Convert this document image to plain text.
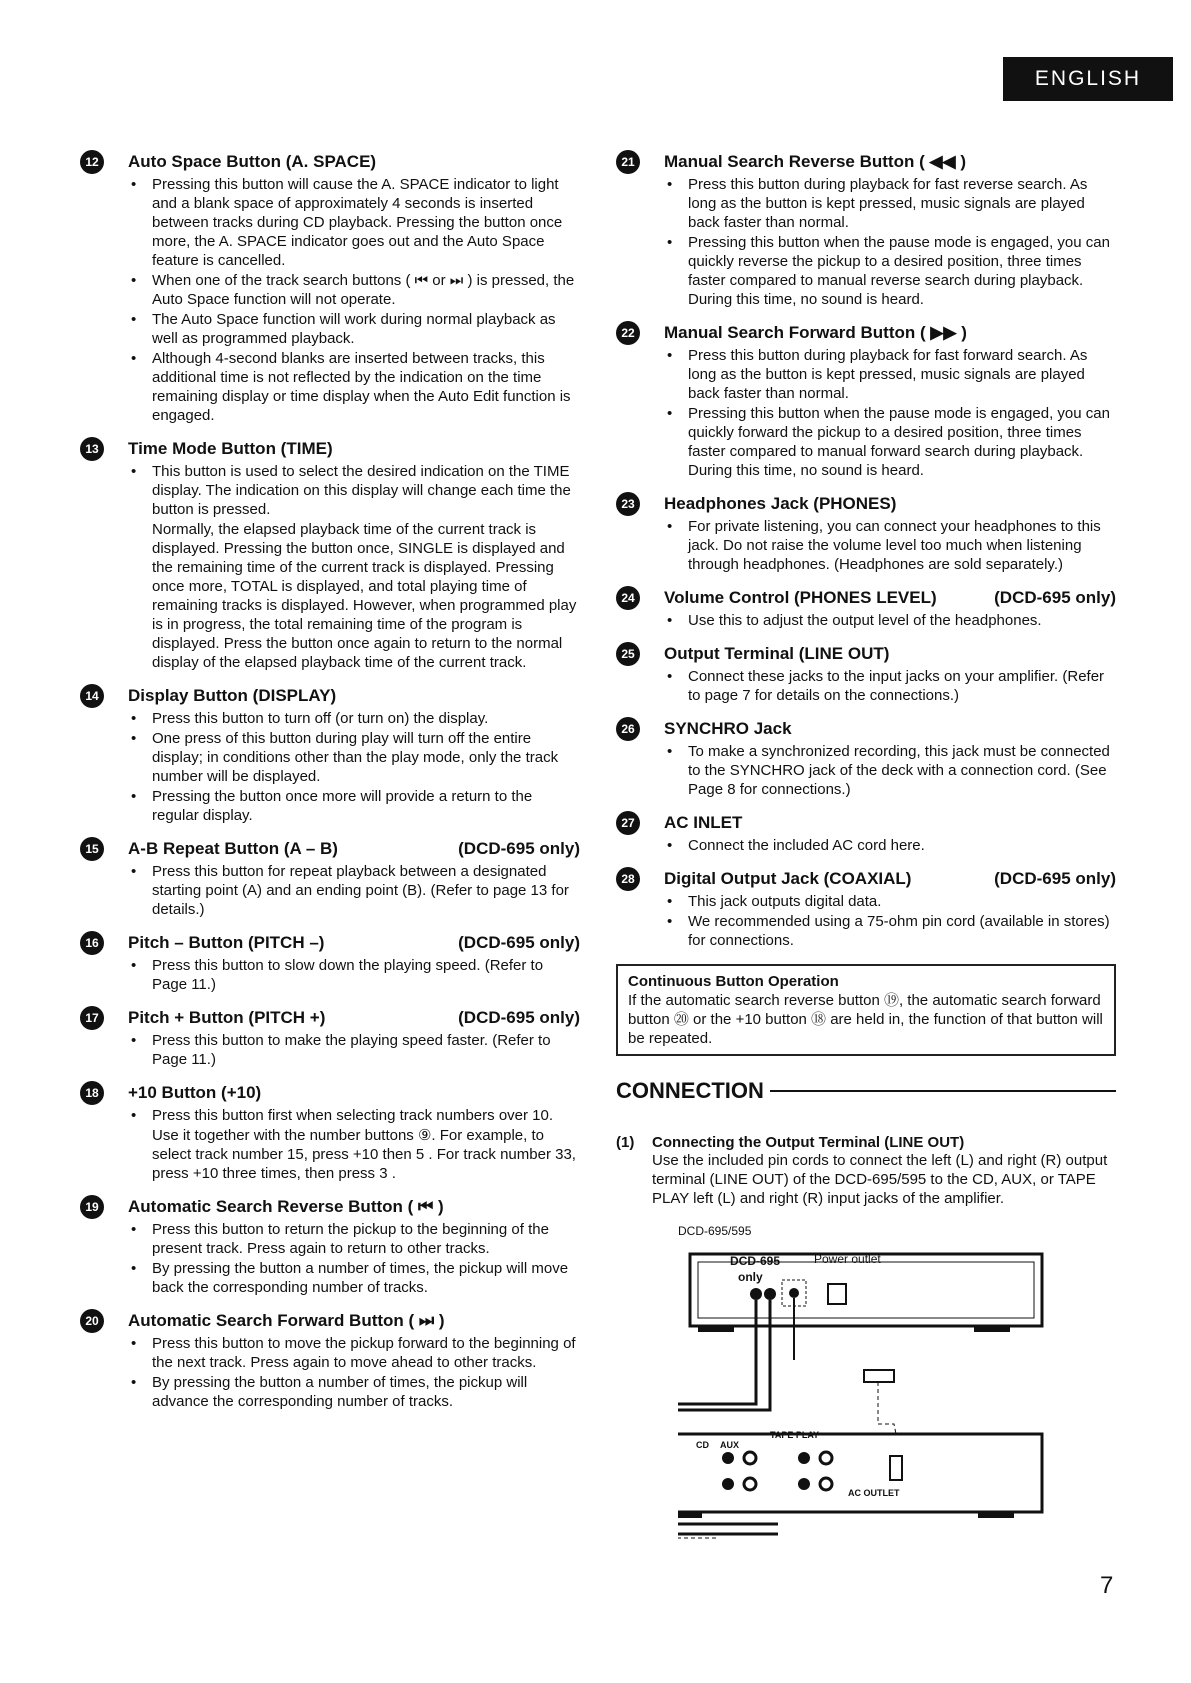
ENGLISH
12	Auto Space Button (A. SPACE)
• Pressing this button will cause the A. SPACE indicator to light and a blank space of approximately 4 seconds is inserted between tracks during CD playback. Pressing the button once more, the A. SPACE indicator goes out and the Auto Space feature is cancelled.
• When one of the track search buttons ( ⏮ or ⏭ ) is pressed, the Auto Space function will not operate.
• The Auto Space function will work during normal playback as well as programmed playback.
• Although 4-second blanks are inserted between tracks, this additional time is not reflected by the indication on the time remaining display or time display when the Auto Edit function is engaged.
13	Time Mode Button (TIME)
• This button is used to select the desired indication on the TIME display. The indication on this display will change each time the button is pressed.
Normally, the elapsed playback time of the current track is displayed. Pressing the button once, SINGLE is displayed and the remaining time of the current track is displayed. Pressing once more, TOTAL is displayed, and total playing time of remaining tracks is displayed. However, when programmed play is in progress, the total remaining time of the program is displayed. Press the button once again to return to the normal display of the elapsed playback time of the current track.
14	Display Button (DISPLAY)
• Press this button to turn off (or turn on) the display.
• One press of this button during play will turn off the entire display; in conditions other than the play mode, only the track number will be displayed.
• Pressing the button once more will provide a return to the regular display.
15	A-B Repeat Button (A – B)	(DCD-695 only)
• Press this button for repeat playback between a designated starting point (A) and an ending point (B). (Refer to page 13 for details.)
16	Pitch – Button (PITCH –)	(DCD-695 only)
• Press this button to slow down the playing speed. (Refer to Page 11.)
17	Pitch + Button (PITCH +)	(DCD-695 only)
• Press this button to make the playing speed faster. (Refer to Page 11.)
18	+10 Button (+10)
• Press this button first when selecting track numbers over 10.
Use it together with the number buttons ⑨. For example, to select track number 15, press +10 then 5 . For track number 33, press +10 three times, then press 3 .
19	Automatic Search Reverse Button ( ⏮ )
• Press this button to return the pickup to the beginning of the present track. Press again to return to other tracks.
• By pressing the button a number of times, the pickup will move back the corresponding number of tracks.
20	Automatic Search Forward Button ( ⏭ )
• Press this button to move the pickup forward to the beginning of the next track. Press again to move ahead to other tracks.
• By pressing the button a number of times, the pickup will advance the corresponding number of tracks.
21	Manual Search Reverse Button ( ◀◀ )
• Press this button during playback for fast reverse search. As long as the button is kept pressed, music signals are played back faster than normal.
• Pressing this button when the pause mode is engaged, you can quickly reverse the pickup to a desired position, three times faster compared to manual reverse search during playback. During this time, no sound is heard.
22	Manual Search Forward Button ( ▶▶ )
• Press this button during playback for fast forward search. As long as the button is kept pressed, music signals are played back faster than normal.
• Pressing this button when the pause mode is engaged, you can quickly forward the pickup to a desired position, three times faster compared to manual forward search during playback. During this time, no sound is heard.
23	Headphones Jack (PHONES)
• For private listening, you can connect your headphones to this jack. Do not raise the volume level too much when listening through headphones. (Headphones are sold separately.)
24	Volume Control (PHONES LEVEL)	(DCD-695 only)
• Use this to adjust the output level of the headphones.
25	Output Terminal (LINE OUT)
• Connect these jacks to the input jacks on your amplifier. (Refer to page 7 for details on the connections.)
26	SYNCHRO Jack
• To make a synchronized recording, this jack must be connected to the SYNCHRO jack of the deck with a connection cord. (See Page 8 for connections.)
27	AC INLET
• Connect the included AC cord here.
28	Digital Output Jack (COAXIAL)	(DCD-695 only)
• This jack outputs digital data.
• We recommended using a 75-ohm pin cord (available in stores) for connections.
Continuous Button Operation
If the automatic search reverse button ⑲, the automatic search forward button ⑳ or the +10 button ⑱ are held in, the function of that button will be repeated.
CONNECTION
(1) Connecting the Output Terminal (LINE OUT)
Use the included pin cords to connect the left (L) and right (R) output terminal (LINE OUT) of the DCD-695/595 to the CD, AUX, or TAPE PLAY left (L) and right (R) input jacks of the amplifier.
DCD-695/595
DCD-695
only
Power outlet
CD AUX
TAPE PLAY
AC OUTLET
7
